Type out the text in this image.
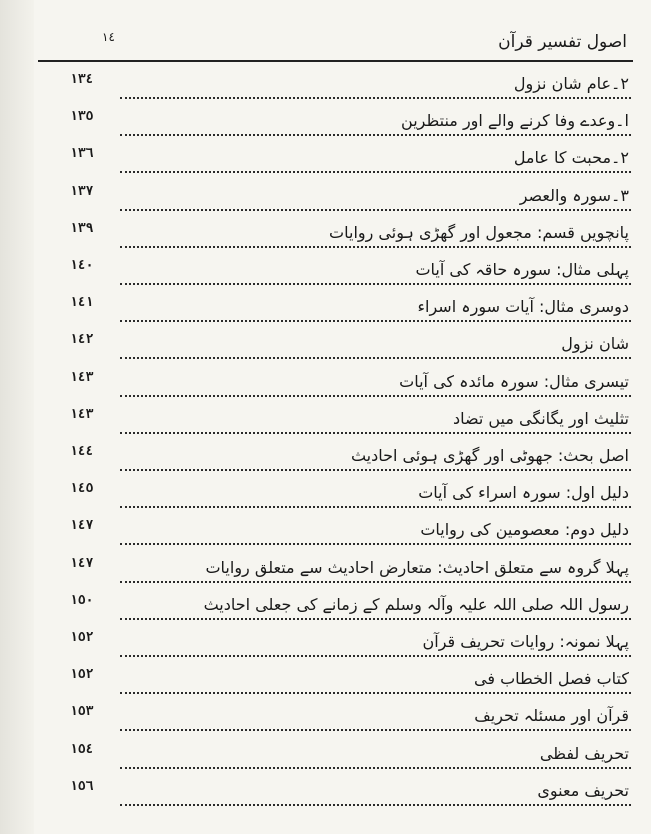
اصول تفسیر قرآن
١٤
١٣٤	٢۔عام شان نزول
١٣٥	ا۔وعدے وفا کرنے والے اور منتظرین
١٣٦	٢۔محبت کا عامل
١٣٧	٣۔سورہ والعصر
١٣٩	پانچویں قسم: مجعول اور گھڑی ہوئی روایات
١٤٠	پہلی مثال: سورہ حاقہ کی آیات
١٤١	دوسری مثال: آیات سورہ اسراء
١٤٢	شان نزول
١٤٣	تیسری مثال: سورہ مائدہ کی آیات
١٤٣	تثلیث اور یگانگی میں تضاد
١٤٤	اصل بحث: جھوٹی اور گھڑی ہوئی احادیث
١٤٥	دلیل اول: سورہ اسراء کی آیات
١٤٧	دلیل دوم: معصومین کی روایات
١٤٧	پہلا گروہ سے متعلق احادیث: متعارض احادیث سے متعلق روایات
١٥٠	رسول اللہ صلی اللہ علیہ وآلہ وسلم کے زمانے کی جعلی احادیث
١٥٢	پہلا نمونہ: روایات تحریف قرآن
١٥٢	کتاب فصل الخطاب فی
١٥٣	قرآن اور مسئلہ تحریف
١٥٤	تحریف لفظی
١٥٦	تحریف معنوی
